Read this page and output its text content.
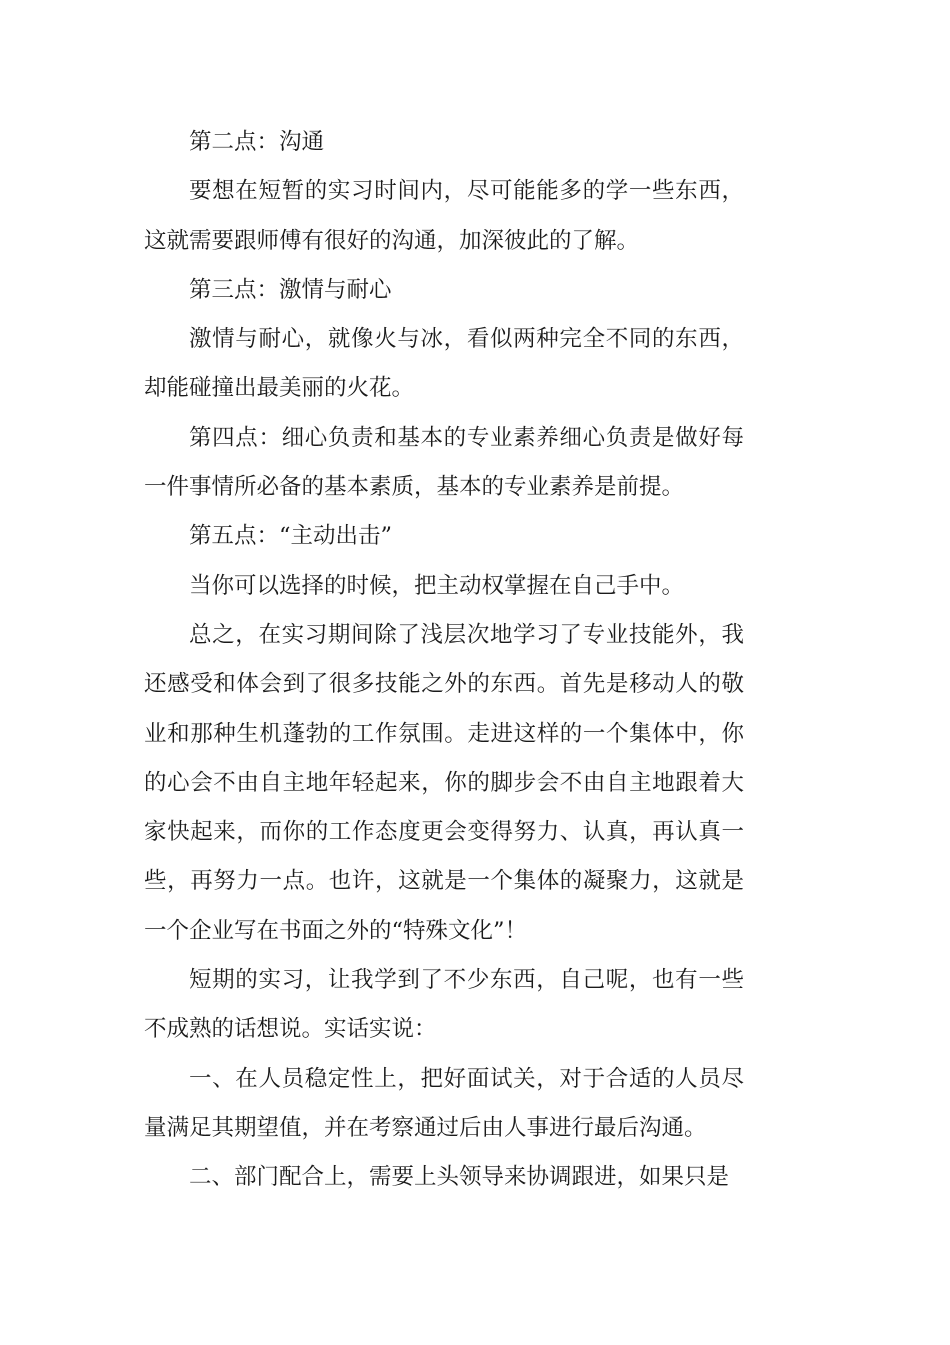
第二点：沟通

要想在短暂的实习时间内，尽可能能多的学一些东西，这就需要跟师傅有很好的沟通，加深彼此的了解。

第三点：激情与耐心

激情与耐心，就像火与冰，看似两种完全不同的东西，却能碰撞出最美丽的火花。

第四点：细心负责和基本的专业素养细心负责是做好每一件事情所必备的基本素质，基本的专业素养是前提。

第五点：“主动出击”

当你可以选择的时候，把主动权掌握在自己手中。

总之，在实习期间除了浅层次地学习了专业技能外，我还感受和体会到了很多技能之外的东西。首先是移动人的敬业和那种生机蓬勃的工作氛围。走进这样的一个集体中，你的心会不由自主地年轻起来，你的脚步会不由自主地跟着大家快起来，而你的工作态度更会变得努力、认真，再认真一些，再努力一点。也许，这就是一个集体的凝聚力，这就是一个企业写在书面之外的“特殊文化”！

短期的实习，让我学到了不少东西，自己呢，也有一些不成熟的话想说。实话实说：

一、在人员稳定性上，把好面试关，对于合适的人员尽量满足其期望值，并在考察通过后由人事进行最后沟通。

二、部门配合上，需要上头领导来协调跟进，如果只是
